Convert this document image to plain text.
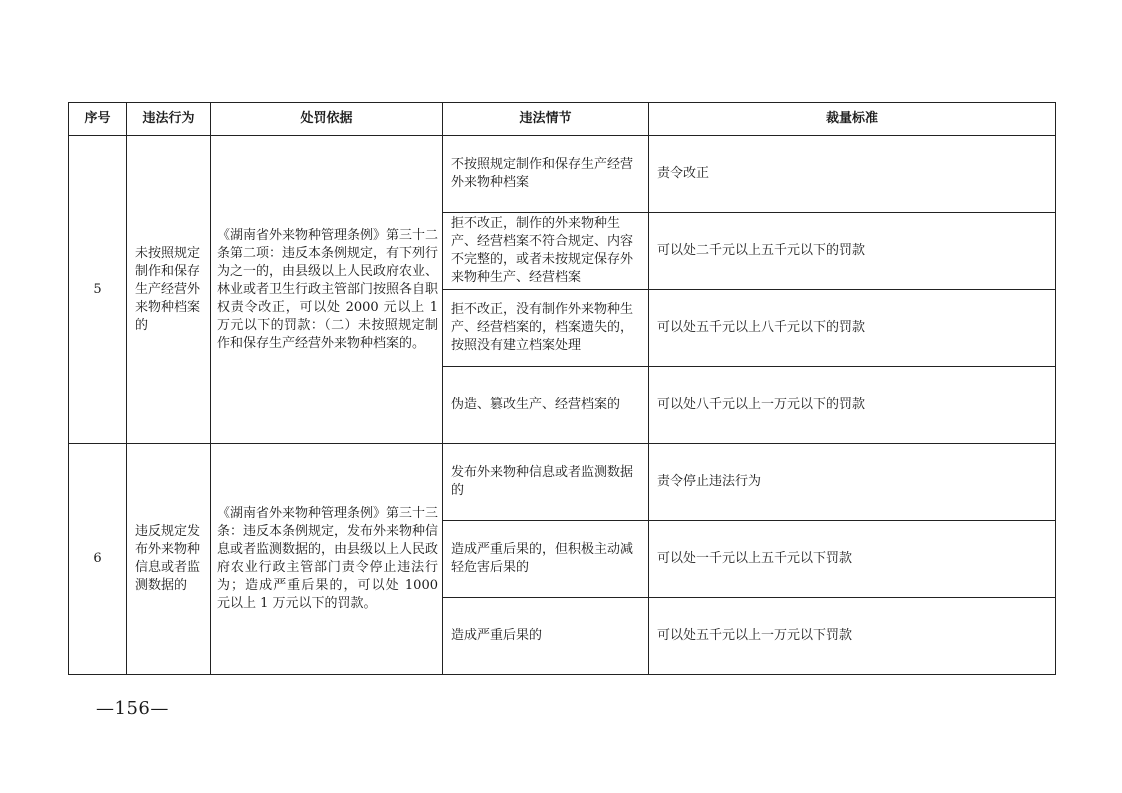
序号	违法行为	处罚依据	违法情节	裁量标准
5	未按照规定制作和保存生产经营外来物种档案的	《湖南省外来物种管理条例》第三十二条第二项：违反本条例规定，有下列行为之一的，由县级以上人民政府农业、林业或者卫生行政主管部门按照各自职权责令改正，可以处 2000 元以上 1 万元以下的罚款：（二）未按照规定制作和保存生产经营外来物种档案的。	不按照规定制作和保存生产经营外来物种档案	责令改正
			拒不改正，制作的外来物种生产、经营档案不符合规定、内容不完整的，或者未按规定保存外来物种生产、经营档案	可以处二千元以上五千元以下的罚款
			拒不改正，没有制作外来物种生产、经营档案的，档案遗失的，按照没有建立档案处理	可以处五千元以上八千元以下的罚款
			伪造、篡改生产、经营档案的	可以处八千元以上一万元以下的罚款
6	违反规定发布外来物种信息或者监测数据的	《湖南省外来物种管理条例》第三十三条：违反本条例规定，发布外来物种信息或者监测数据的，由县级以上人民政府农业行政主管部门责令停止违法行为；造成严重后果的，可以处 1000 元以上 1 万元以下的罚款。	发布外来物种信息或者监测数据的	责令停止违法行为
			造成严重后果的，但积极主动减轻危害后果的	可以处一千元以上五千元以下罚款
			造成严重后果的	可以处五千元以上一万元以下罚款
—156—
